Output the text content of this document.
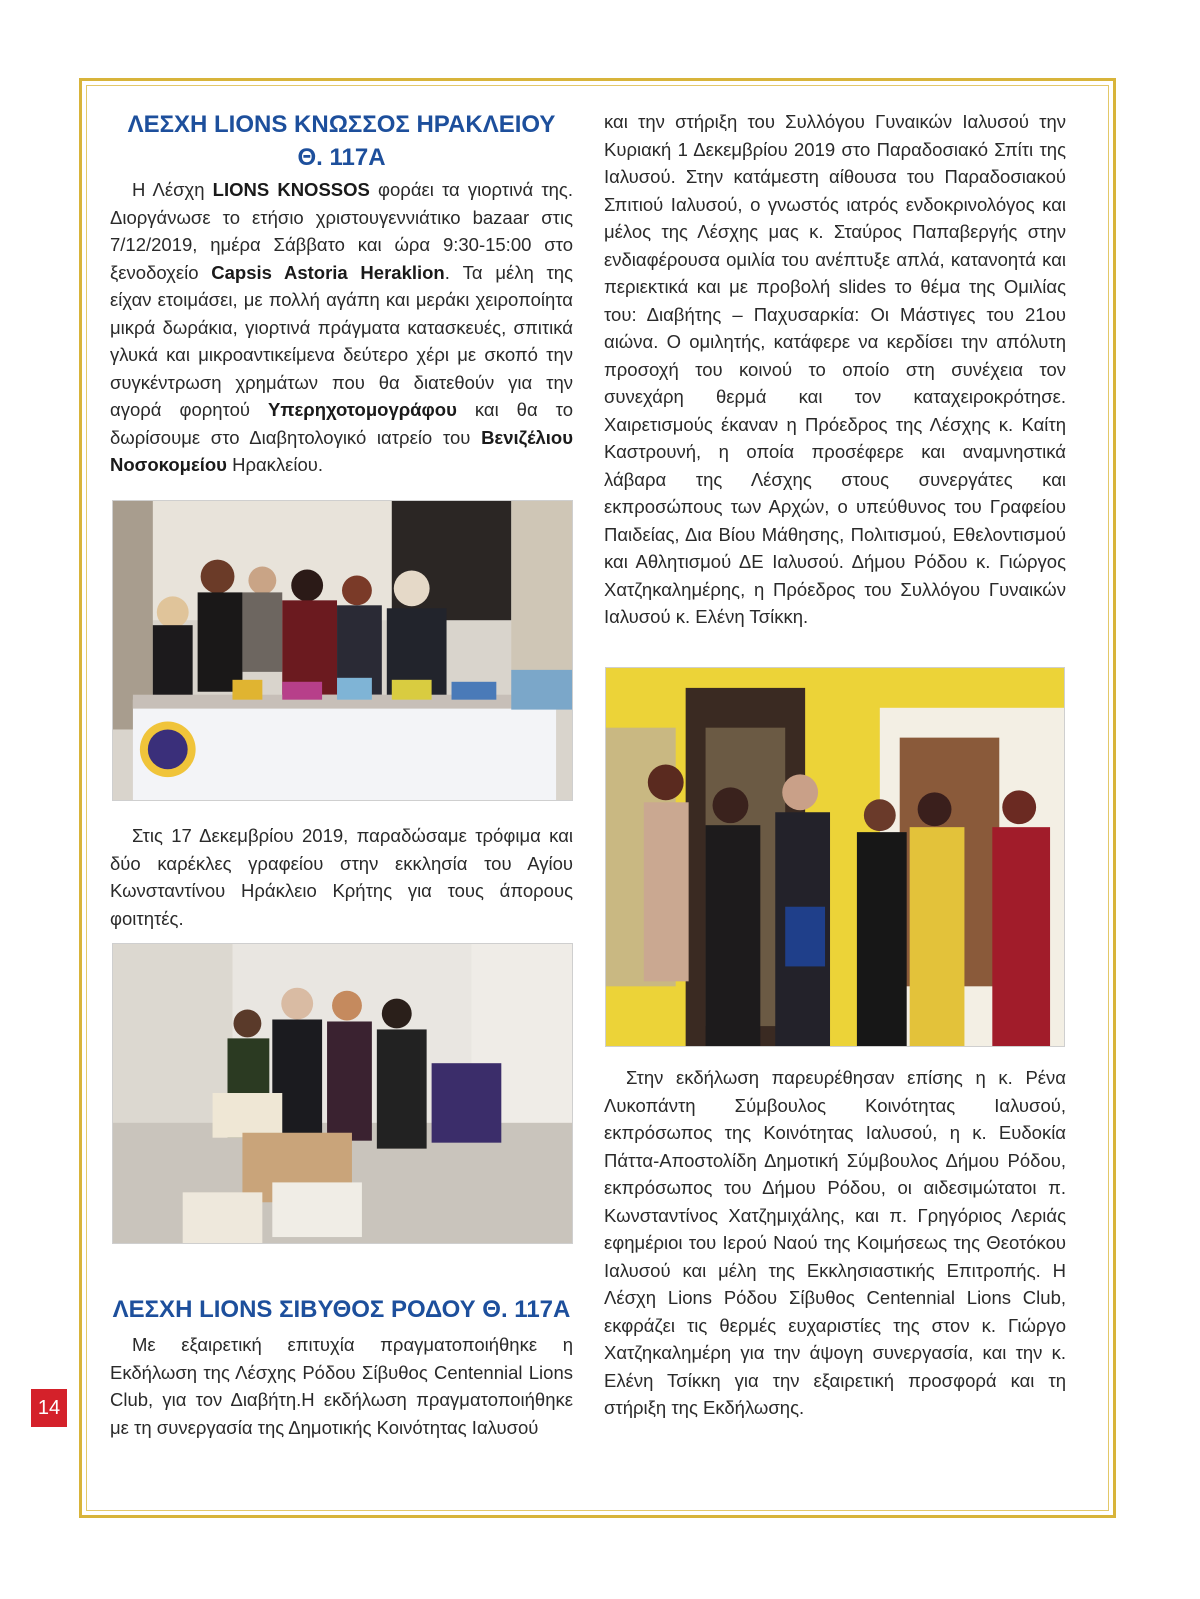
14
ΛΕΣΧΗ LIONS ΚΝΩΣΣΟΣ ΗΡΑΚΛΕΙΟΥ
Θ. 117Α

Η Λέσχη LIONS KNOSSOS φοράει τα γιορτινά της. Διοργάνωσε το ετήσιο χριστουγεννιάτικο bazaar στις 7/12/2019, ημέρα Σάββατο και ώρα 9:30-15:00 στο ξενοδοχείο Capsis Astoria Heraklion. Τα μέλη της είχαν ετοιμάσει, με πολλή αγάπη και μεράκι χειροποίητα μικρά δωράκια, γιορτινά πράγματα κατασκευές, σπιτικά γλυκά και μικροαντικείμενα δεύτερο χέρι με σκοπό την συγκέντρωση χρημάτων που θα διατεθούν για την αγορά φορητού Υπερηχοτομογράφου και θα το δωρίσουμε στο Διαβητολογικό ιατρείο του Βενιζέλιου Νοσοκομείου Ηρακλείου.

Στις 17 Δεκεμβρίου 2019, παραδώσαμε τρόφιμα και δύο καρέκλες γραφείου στην εκκλησία του Αγίου Κωνσταντίνου Ηράκλειο Κρήτης για τους άπορους φοιτητές.

ΛΕΣΧΗ LIONS ΣΙΒΥΘΟΣ ΡΟΔΟΥ Θ. 117Α

Με εξαιρετική επιτυχία πραγματοποιήθηκε η Εκδήλωση της Λέσχης Ρόδου Σίβυθος Centennial Lions Club, για τον Διαβήτη.Η εκδήλωση πραγματοποιήθηκε με τη συνεργασία της Δημοτικής Κοινότητας Ιαλυσού

και την στήριξη του Συλλόγου Γυναικών Ιαλυσού την Κυριακή 1 Δεκεμβρίου 2019 στο Παραδοσιακό Σπίτι της Ιαλυσού. Στην κατάμεστη αίθουσα του Παραδοσιακού Σπιτιού Ιαλυσού, ο γνωστός ιατρός ενδοκρινολόγος και μέλος της Λέσχης μας κ. Σταύρος Παπαβεργής στην ενδιαφέρουσα ομιλία του ανέπτυξε απλά, κατανοητά και περιεκτικά και με προβολή slides το θέμα της Ομιλίας του: Διαβήτης – Παχυσαρκία: Οι Μάστιγες του 21ου αιώνα. Ο ομιλητής, κατάφερε να κερδίσει την απόλυτη προσοχή του κοινού το οποίο στη συνέχεια τον συνεχάρη θερμά και τον καταχειροκρότησε. Χαιρετισμούς έκαναν η Πρόεδρος της Λέσχης κ. Καίτη Καστρουνή, η οποία προσέφερε και αναμνηστικά λάβαρα της Λέσχης στους συνεργάτες και εκπροσώπους των Αρχών, ο υπεύθυνος του Γραφείου Παιδείας, Δια Βίου Μάθησης, Πολιτισμού, Εθελοντισμού και Αθλητισμού ΔΕ Ιαλυσού. Δήμου Ρόδου κ. Γιώργος Χατζηκαλημέρης, η Πρόεδρος του Συλλόγου Γυναικών Ιαλυσού κ. Ελένη Τσίκκη.

Στην εκδήλωση παρευρέθησαν επίσης η κ. Ρένα Λυκοπάντη Σύμβουλος Κοινότητας Ιαλυσού, εκπρόσωπος της Κοινότητας Ιαλυσού, η κ. Ευδοκία Πάττα-Αποστολίδη Δημοτική Σύμβουλος Δήμου Ρόδου, εκπρόσωπος του Δήμου Ρόδου, οι αιδεσιμώτατοι π. Κωνσταντίνος Χατζημιχάλης, και π. Γρηγόριος Λεριάς εφημέριοι του Ιερού Ναού της Κοιμήσεως της Θεοτόκου Ιαλυσού και μέλη της Εκκλησιαστικής Επιτροπής. Η Λέσχη Lions Ρόδου Σίβυθος Centennial Lions Club, εκφράζει τις θερμές ευχαριστίες της στον κ. Γιώργο Χατζηκαλημέρη για την άψογη συνεργασία, και την κ. Ελένη Τσίκκη για την εξαιρετική προσφορά και τη στήριξη της Εκδήλωσης.
